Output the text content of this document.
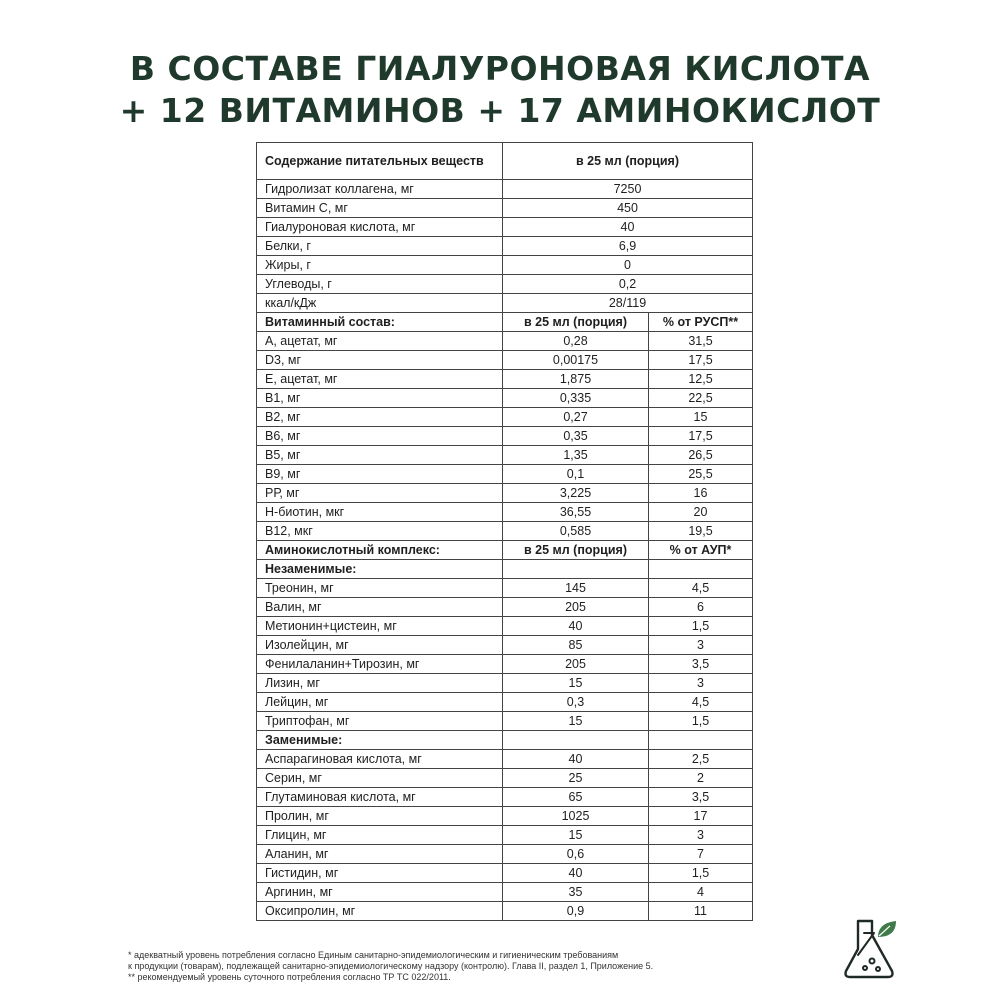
В СОСТАВЕ ГИАЛУРОНОВАЯ КИСЛОТА
+ 12 ВИТАМИНОВ + 17 АМИНОКИСЛОТ
Содержание питательных веществ	в 25 мл (порция)	
Гидролизат коллагена, мг	7250	
Витамин С, мг	450	
Гиалуроновая кислота, мг	40	
Белки, г	6,9	
Жиры, г	0	
Углеводы, г	0,2	
ккал/кДж	28/119	
Витаминный состав:	в 25 мл (порция)	% от РУСП**
А, ацетат, мг	0,28	31,5
D3, мг	0,00175	17,5
Е, ацетат, мг	1,875	12,5
В1, мг	0,335	22,5
В2, мг	0,27	15
В6, мг	0,35	17,5
В5, мг	1,35	26,5
В9, мг	0,1	25,5
РР, мг	3,225	16
Н-биотин, мкг	36,55	20
В12, мкг	0,585	19,5
Аминокислотный комплекс:	в 25 мл (порция)	% от АУП*
Незаменимые:		
Треонин, мг	145	4,5
Валин, мг	205	6
Метионин+цистеин, мг	40	1,5
Изолейцин, мг	85	3
Фенилаланин+Тирозин, мг	205	3,5
Лизин, мг	15	3
Лейцин, мг	0,3	4,5
Триптофан, мг	15	1,5
Заменимые:		
Аспарагиновая кислота, мг	40	2,5
Серин, мг	25	2
Глутаминовая кислота, мг	65	3,5
Пролин, мг	1025	17
Глицин, мг	15	3
Аланин, мг	0,6	7
Гистидин, мг	40	1,5
Аргинин, мг	35	4
Оксипролин, мг	0,9	11
* адекватный уровень потребления согласно Единым санитарно-эпидемиологическим и гигиеническим требованиям
к продукции (товарам), подлежащей санитарно-эпидемиологическому надзору (контролю). Глава II, раздел 1, Приложение 5.
** рекомендуемый уровень суточного потребления согласно ТР ТС 022/2011.
